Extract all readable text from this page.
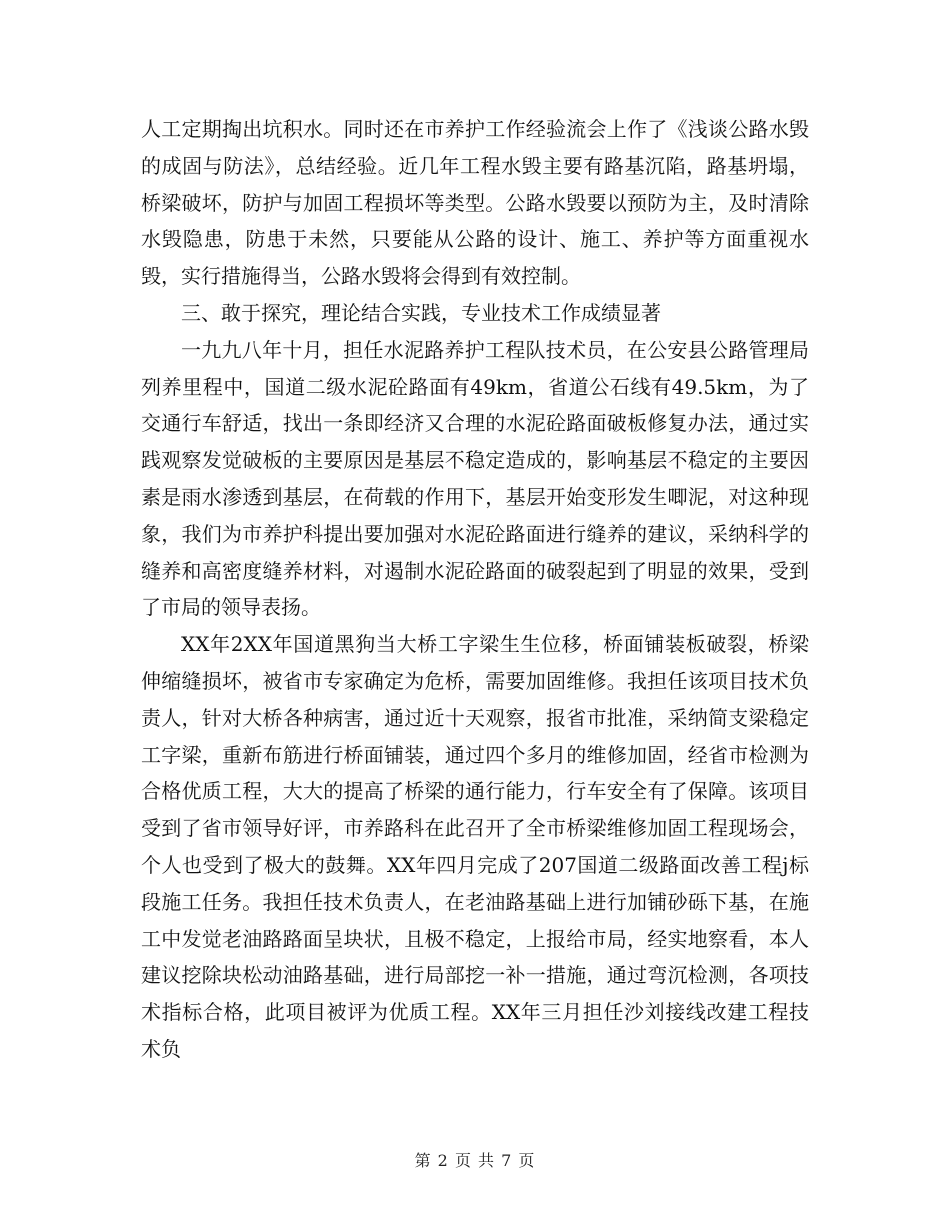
人工定期掏出坑积水。同时还在市养护工作经验流会上作了《浅谈公路水毁的成固与防法》，总结经验。近几年工程水毁主要有路基沉陷，路基坍塌，桥梁破坏，防护与加固工程损坏等类型。公路水毁要以预防为主，及时清除水毁隐患，防患于未然，只要能从公路的设计、施工、养护等方面重视水毁，实行措施得当，公路水毁将会得到有效控制。

三、敢于探究，理论结合实践，专业技术工作成绩显著

一九九八年十月，担任水泥路养护工程队技术员，在公安县公路管理局列养里程中，国道二级水泥砼路面有49km，省道公石线有49.5km，为了交通行车舒适，找出一条即经济又合理的水泥砼路面破板修复办法，通过实践观察发觉破板的主要原因是基层不稳定造成的，影响基层不稳定的主要因素是雨水渗透到基层，在荷载的作用下，基层开始变形发生唧泥，对这种现象，我们为市养护科提出要加强对水泥砼路面进行缝养的建议，采纳科学的缝养和高密度缝养材料，对遏制水泥砼路面的破裂起到了明显的效果，受到了市局的领导表扬。

XX年2XX年国道黑狗当大桥工字梁生生位移，桥面铺装板破裂，桥梁伸缩缝损坏，被省市专家确定为危桥，需要加固维修。我担任该项目技术负责人，针对大桥各种病害，通过近十天观察，报省市批准，采纳简支梁稳定工字梁，重新布筋进行桥面铺装，通过四个多月的维修加固，经省市检测为合格优质工程，大大的提高了桥梁的通行能力，行车安全有了保障。该项目受到了省市领导好评，市养路科在此召开了全市桥梁维修加固工程现场会，个人也受到了极大的鼓舞。XX年四月完成了207国道二级路面改善工程j标段施工任务。我担任技术负责人，在老油路基础上进行加铺砂砾下基，在施工中发觉老油路路面呈块状，且极不稳定，上报给市局，经实地察看，本人建议挖除块松动油路基础，进行局部挖一补一措施，通过弯沉检测，各项技术指标合格，此项目被评为优质工程。XX年三月担任沙刘接线改建工程技术负

第 2 页 共 7 页
